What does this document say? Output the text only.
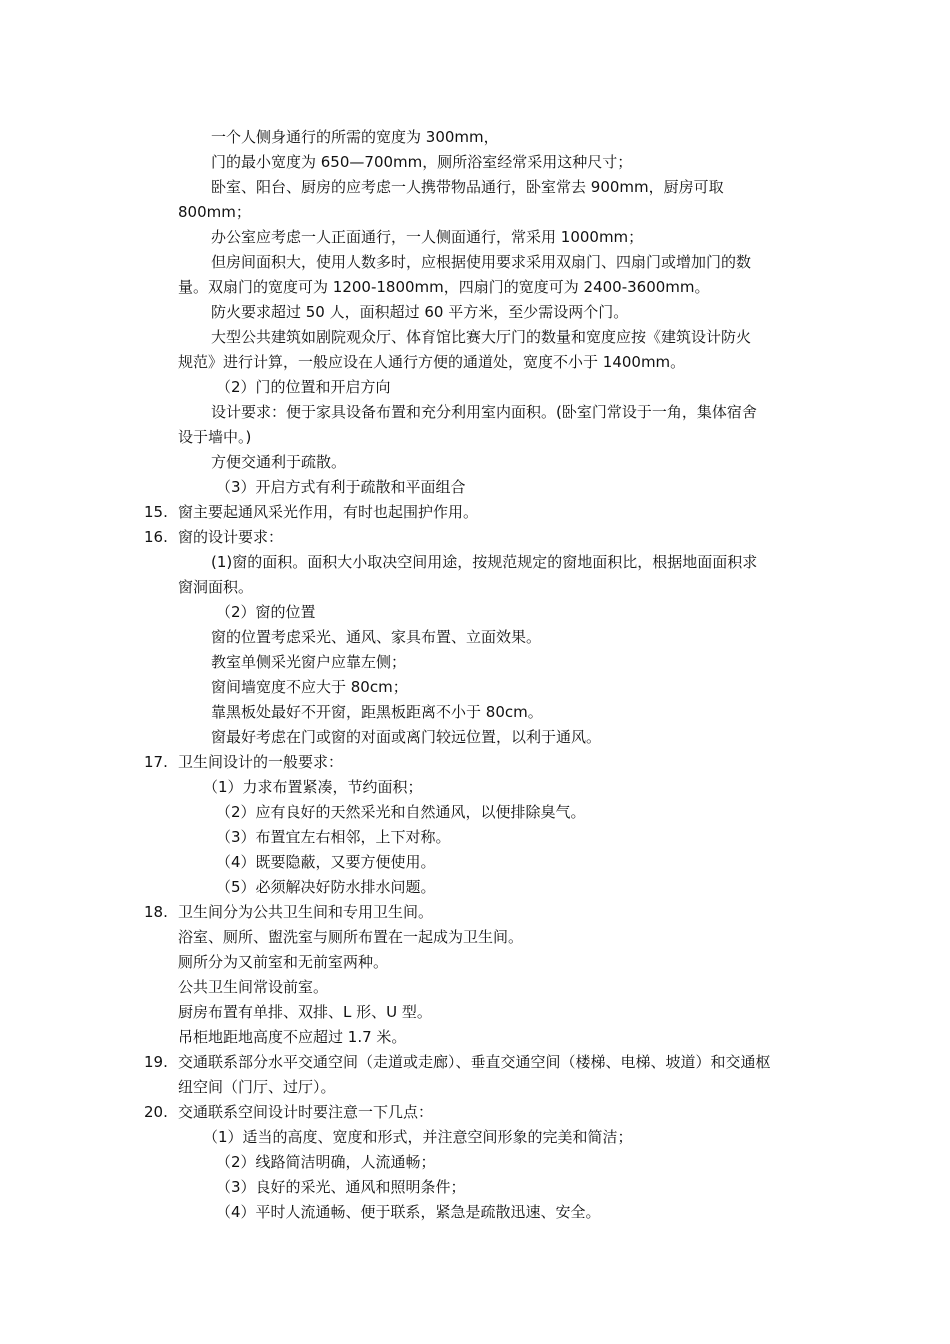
一个人侧身通行的所需的宽度为 300mm，
门的最小宽度为 650—700mm，厕所浴室经常采用这种尺寸；
卧室、阳台、厨房的应考虑一人携带物品通行，卧室常去 900mm，厨房可取
800mm；
办公室应考虑一人正面通行，一人侧面通行，常采用 1000mm；
但房间面积大，使用人数多时，应根据使用要求采用双扇门、四扇门或增加门的数
量。双扇门的宽度可为 1200-1800mm，四扇门的宽度可为 2400-3600mm。
防火要求超过 50 人，面积超过 60 平方米，至少需设两个门。
大型公共建筑如剧院观众厅、体育馆比赛大厅门的数量和宽度应按《建筑设计防火
规范》进行计算，一般应设在人通行方便的通道处，宽度不小于 1400mm。
（2）门的位置和开启方向
设计要求：便于家具设备布置和充分利用室内面积。(卧室门常设于一角，集体宿舍
设于墙中。)
方便交通利于疏散。
（3）开启方式有利于疏散和平面组合
15. 窗主要起通风采光作用，有时也起围护作用。
16. 窗的设计要求：
(1)窗的面积。面积大小取决空间用途，按规范规定的窗地面积比，根据地面面积求
窗洞面积。
（2）窗的位置
窗的位置考虑采光、通风、家具布置、立面效果。
教室单侧采光窗户应靠左侧；
窗间墙宽度不应大于 80cm；
靠黑板处最好不开窗，距黑板距离不小于 80cm。
窗最好考虑在门或窗的对面或离门较远位置，以利于通风。
17. 卫生间设计的一般要求：
（1）力求布置紧凑，节约面积；
（2）应有良好的天然采光和自然通风，以便排除臭气。
（3）布置宜左右相邻，上下对称。
（4）既要隐蔽，又要方便使用。
（5）必须解决好防水排水问题。
18. 卫生间分为公共卫生间和专用卫生间。
浴室、厕所、盥洗室与厕所布置在一起成为卫生间。
厕所分为又前室和无前室两种。
公共卫生间常设前室。
厨房布置有单排、双排、L 形、U 型。
吊柜地距地高度不应超过 1.7 米。
19. 交通联系部分水平交通空间（走道或走廊）、垂直交通空间（楼梯、电梯、坡道）和交通枢
纽空间（门厅、过厅）。
20. 交通联系空间设计时要注意一下几点：
（1）适当的高度、宽度和形式，并注意空间形象的完美和简洁；
（2）线路简洁明确，人流通畅；
（3）良好的采光、通风和照明条件；
（4）平时人流通畅、便于联系，紧急是疏散迅速、安全。
